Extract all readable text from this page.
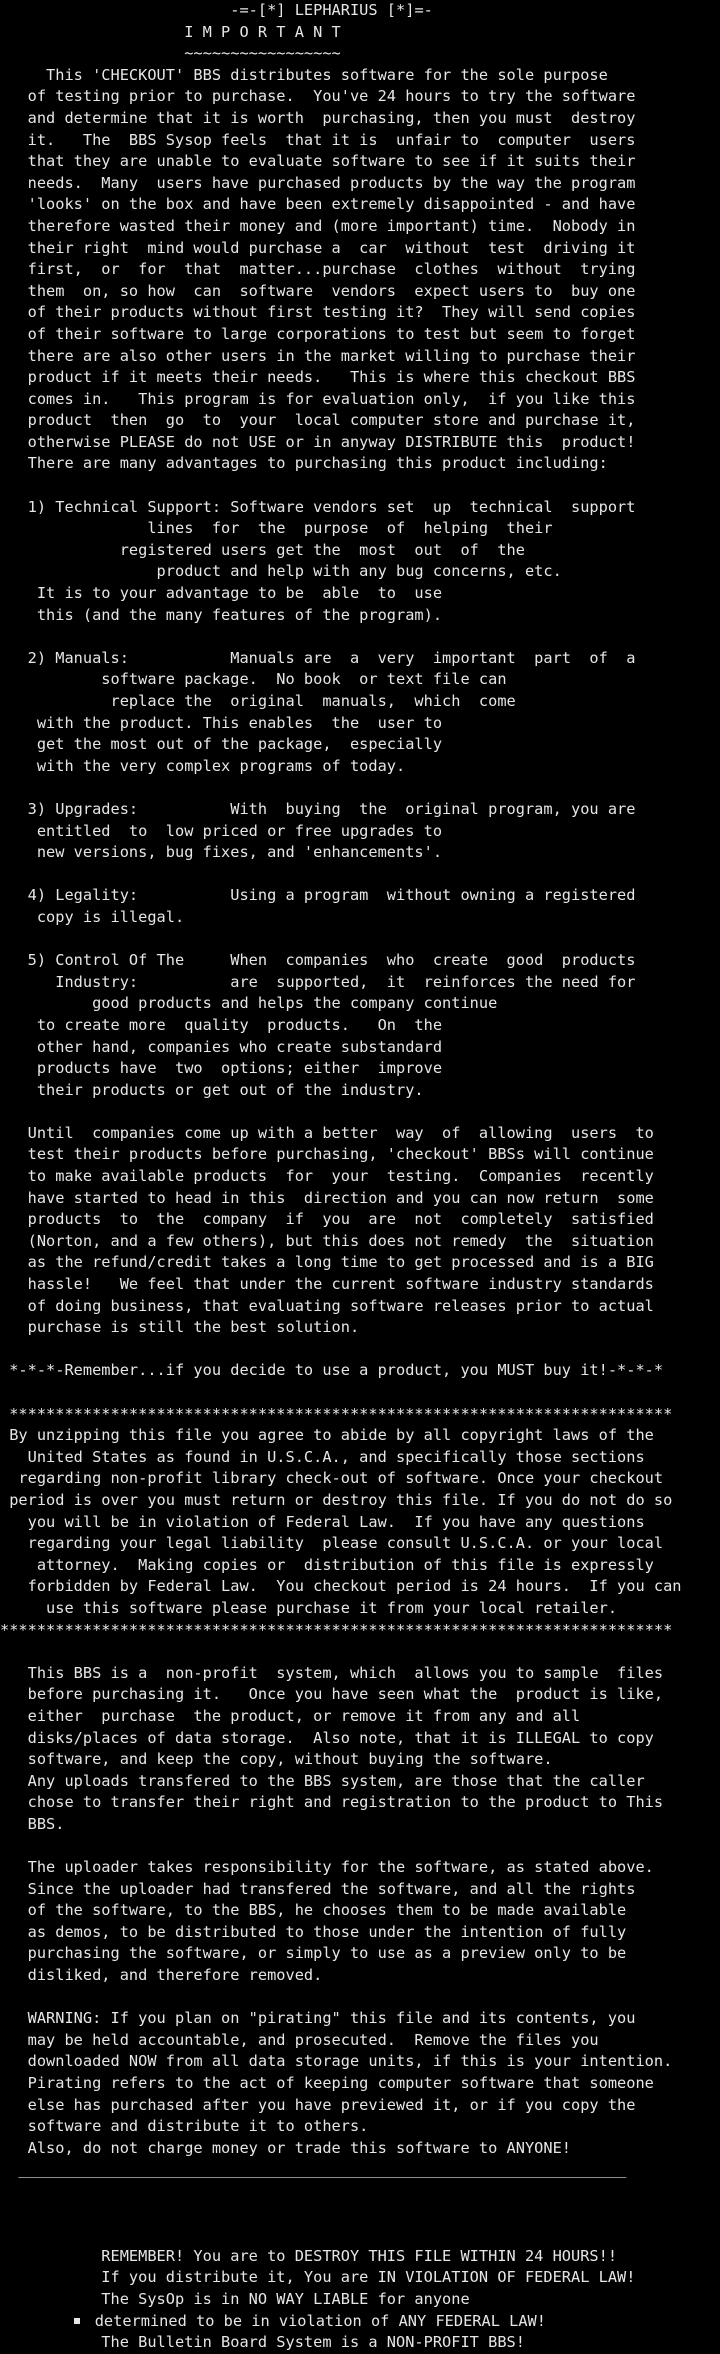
-=-[*] LEPHARIUS [*]=-
I M P O R T A N T
~~~~~~~~~~~~~~~~~
This 'CHECKOUT' BBS distributes software for the sole purpose
of testing prior to purchase.  You've 24 hours to try the software
and determine that it is worth  purchasing, then you must  destroy
it.   The  BBS Sysop feels  that it is  unfair to  computer  users
that they are unable to evaluate software to see if it suits their
needs.  Many  users have purchased products by the way the program
'looks' on the box and have been extremely disappointed - and have
therefore wasted their money and (more important) time.  Nobody in
their right  mind would purchase a  car  without  test  driving it
first,  or  for  that  matter...purchase  clothes  without  trying
them  on, so how  can  software  vendors  expect users to  buy one
of their products without first testing it?  They will send copies
of their software to large corporations to test but seem to forget
there are also other users in the market willing to purchase their
product if it meets their needs.   This is where this checkout BBS
comes in.   This program is for evaluation only,  if you like this
product  then  go  to  your  local computer store and purchase it,
otherwise PLEASE do not USE or in anyway DISTRIBUTE this  product!
There are many advantages to purchasing this product including:
1) Technical Support: Software vendors set  up  technical  support
lines  for  the  purpose  of  helping  their
registered users get the  most  out  of  the
product and help with any bug concerns, etc.
It is to your advantage to be  able  to  use
this (and the many features of the program).
2) Manuals:           Manuals are  a  very  important  part  of  a
software package.  No book  or text file can
replace the  original  manuals,  which  come
with the product. This enables  the  user to
get the most out of the package,  especially
with the very complex programs of today.
3) Upgrades:          With  buying  the  original program, you are
entitled  to  low priced or free upgrades to
new versions, bug fixes, and 'enhancements'.
4) Legality:          Using a program  without owning a registered
copy is illegal.
5) Control Of The     When  companies  who  create  good  products
Industry:          are  supported,  it  reinforces the need for
good products and helps the company continue
to create more  quality  products.   On  the
other hand, companies who create substandard
products have  two  options; either  improve
their products or get out of the industry.
Until  companies come up with a better  way  of  allowing  users  to
test their products before purchasing, 'checkout' BBSs will continue
to make available products  for  your  testing.  Companies  recently
have started to head in this  direction and you can now return  some
products  to  the  company  if  you  are  not  completely  satisfied
(Norton, and a few others), but this does not remedy  the  situation
as the refund/credit takes a long time to get processed and is a BIG
hassle!   We feel that under the current software industry standards
of doing business, that evaluating software releases prior to actual
purchase is still the best solution.
*-*-*-Remember...if you decide to use a product, you MUST buy it!-*-*-*
************************************************************************
By unzipping this file you agree to abide by all copyright laws of the
United States as found in U.S.C.A., and specifically those sections
regarding non-profit library check-out of software. Once your checkout
period is over you must return or destroy this file. If you do not do so
you will be in violation of Federal Law.  If you have any questions
regarding your legal liability  please consult U.S.C.A. or your local
attorney.  Making copies or  distribution of this file is expressly
forbidden by Federal Law.  You checkout period is 24 hours.  If you can
use this software please purchase it from your local retailer.
*************************************************************************
This BBS is a  non-profit  system, which  allows you to sample  files
before purchasing it.   Once you have seen what the  product is like,
either  purchase  the product, or remove it from any and all
disks/places of data storage.  Also note, that it is ILLEGAL to copy
software, and keep the copy, without buying the software.
Any uploads transfered to the BBS system, are those that the caller
chose to transfer their right and registration to the product to This
BBS.
The uploader takes responsibility for the software, as stated above.
Since the uploader had transfered the software, and all the rights
of the software, to the BBS, he chooses them to be made available
as demos, to be distributed to those under the intention of fully
purchasing the software, or simply to use as a preview only to be
disliked, and therefore removed.
WARNING: If you plan on "pirating" this file and its contents, you
may be held accountable, and prosecuted.  Remove the files you
downloaded NOW from all data storage units, if this is your intention.
Pirating refers to the act of keeping computer software that someone
else has purchased after you have previewed it, or if you copy the
software and distribute it to others.
Also, do not charge money or trade this software to ANYONE!
__________________________________________________________________
REMEMBER! You are to DESTROY THIS FILE WITHIN 24 HOURS!!
If you distribute it, You are IN VIOLATION OF FEDERAL LAW!
The SysOp is in NO WAY LIABLE for anyone
determined to be in violation of ANY FEDERAL LAW!
The Bulletin Board System is a NON-PROFIT BBS!
